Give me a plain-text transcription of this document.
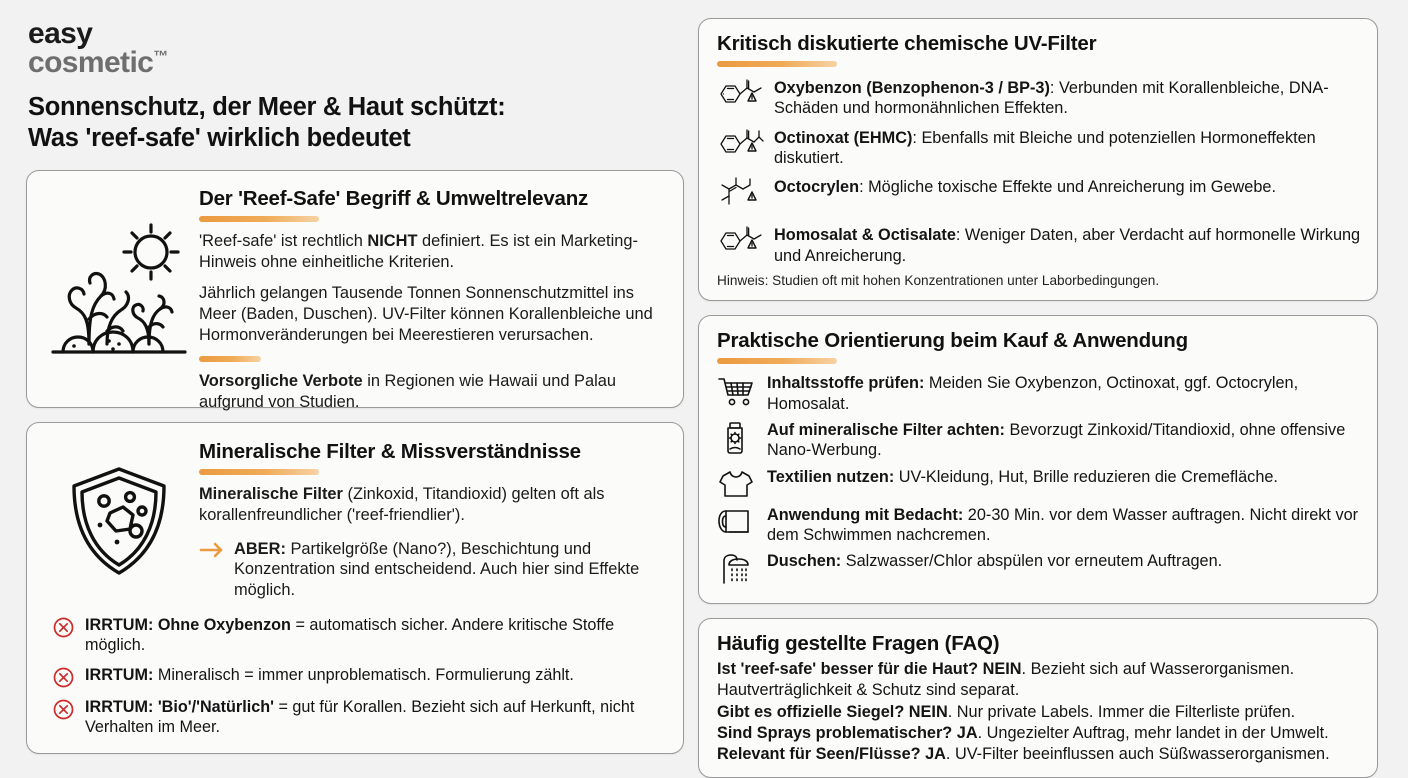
easy
cosmetic™
Sonnenschutz, der Meer & Haut schützt:
Was 'reef-safe' wirklich bedeutet
Der 'Reef-Safe' Begriff & Umweltrelevanz

'Reef-safe' ist rechtlich NICHT definiert. Es ist ein Marketing-Hinweis ohne einheitliche Kriterien.

Jährlich gelangen Tausende Tonnen Sonnenschutzmittel ins Meer (Baden, Duschen). UV-Filter können Korallenbleiche und Hormonveränderungen bei Meerestieren verursachen.

Vorsorgliche Verbote in Regionen wie Hawaii und Palau aufgrund von Studien.

Mineralische Filter & Missverständnisse

Mineralische Filter (Zinkoxid, Titandioxid) gelten oft als korallenfreundlicher ('reef-friendlier').

ABER: Partikelgröße (Nano?), Beschichtung und Konzentration sind entscheidend. Auch hier sind Effekte möglich.

IRRTUM: Ohne Oxybenzon = automatisch sicher. Andere kritische Stoffe möglich.
IRRTUM: Mineralisch = immer unproblematisch. Formulierung zählt.
IRRTUM: 'Bio'/'Natürlich' = gut für Korallen. Bezieht sich auf Herkunft, nicht Verhalten im Meer.
Kritisch diskutierte chemische UV-Filter
Oxybenzon (Benzophenon-3 / BP-3): Verbunden mit Korallenbleiche, DNA-Schäden und hormonähnlichen Effekten.
Octinoxat (EHMC): Ebenfalls mit Bleiche und potenziellen Hormoneffekten diskutiert.
Octocrylen: Mögliche toxische Effekte und Anreicherung im Gewebe.
Homosalat & Octisalate: Weniger Daten, aber Verdacht auf hormonelle Wirkung und Anreicherung.

Hinweis: Studien oft mit hohen Konzentrationen unter Laborbedingungen.

Praktische Orientierung beim Kauf & Anwendung
Inhaltsstoffe prüfen: Meiden Sie Oxybenzon, Octinoxat, ggf. Octocrylen, Homosalat.
Auf mineralische Filter achten: Bevorzugt Zinkoxid/Titandioxid, ohne offensive Nano-Werbung.
Textilien nutzen: UV-Kleidung, Hut, Brille reduzieren die Cremefläche.
Anwendung mit Bedacht: 20-30 Min. vor dem Wasser auftragen. Nicht direkt vor dem Schwimmen nachcremen.
Duschen: Salzwasser/Chlor abspülen vor erneutem Auftragen.
Häufig gestellte Fragen (FAQ)

Ist 'reef-safe' besser für die Haut? NEIN. Bezieht sich auf Wasserorganismen. Hautverträglichkeit & Schutz sind separat.

Gibt es offizielle Siegel? NEIN. Nur private Labels. Immer die Filterliste prüfen.

Sind Sprays problematischer? JA. Ungezielter Auftrag, mehr landet in der Umwelt.

Relevant für Seen/Flüsse? JA. UV-Filter beeinflussen auch Süßwasserorganismen.
